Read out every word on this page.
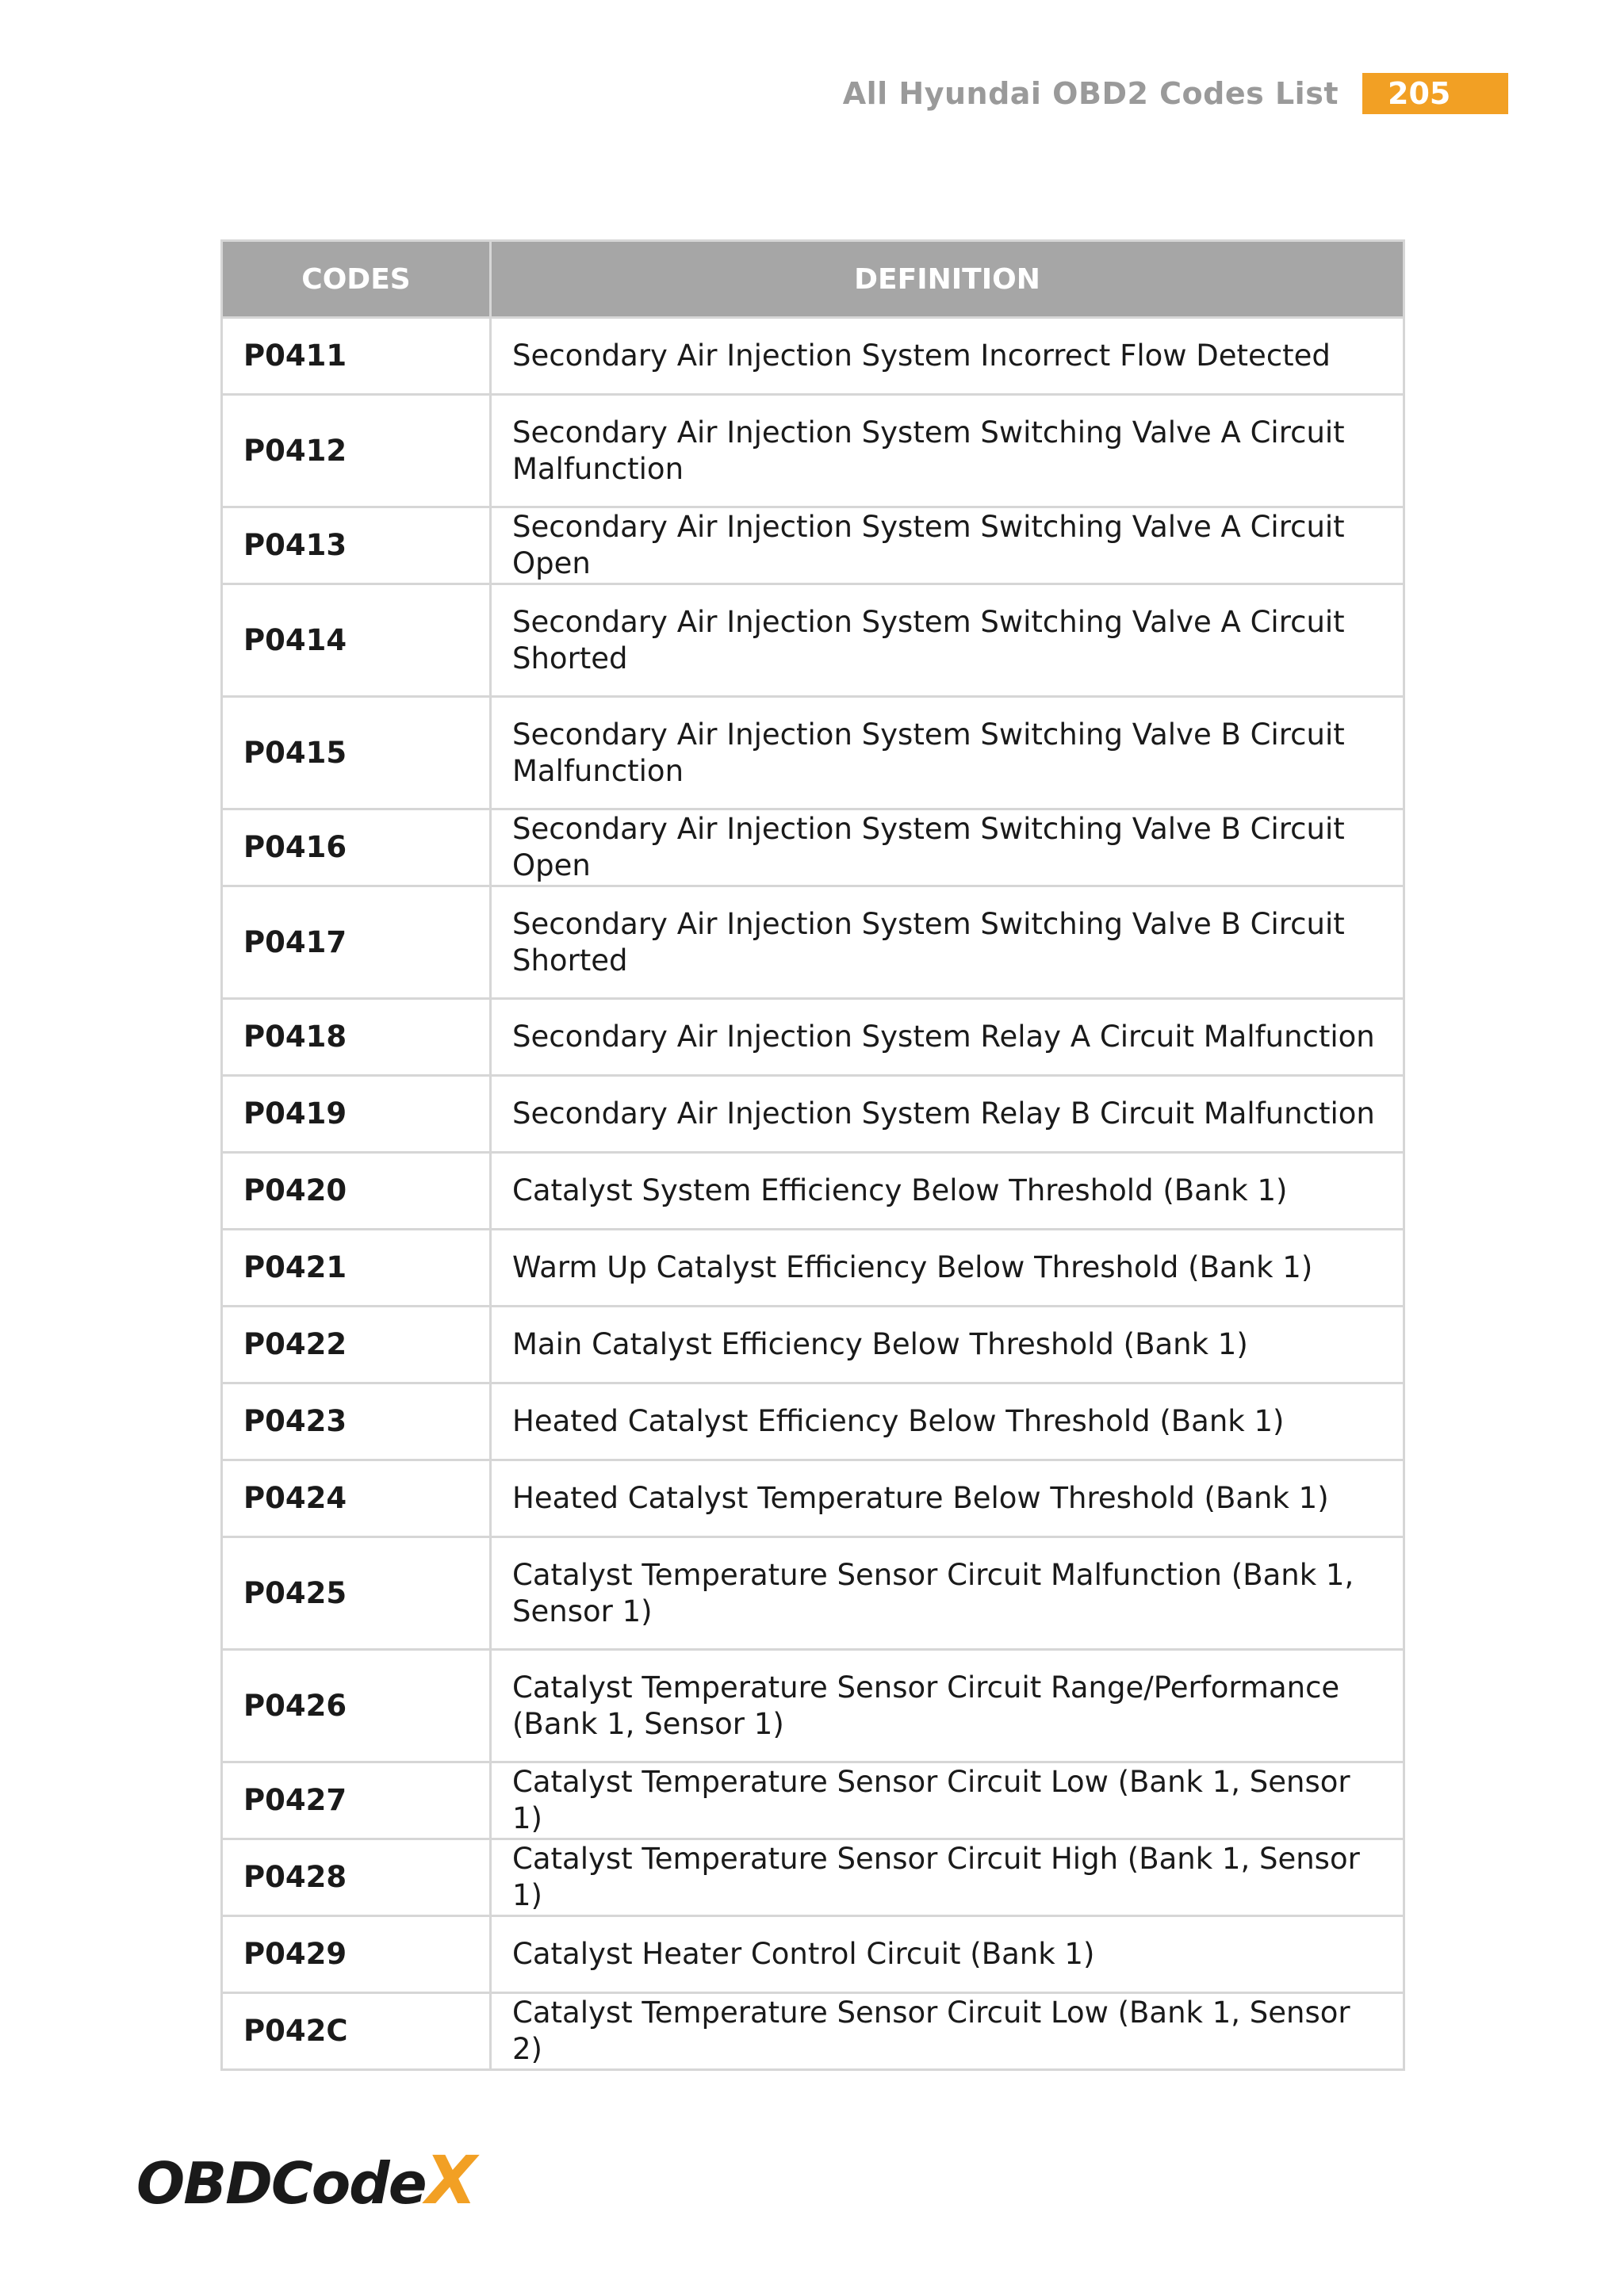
All Hyundai OBD2 Codes List 205
CODES	DEFINITION
P0411	Secondary Air Injection System Incorrect Flow Detected
P0412	Secondary Air Injection System Switching Valve A Circuit Malfunction
P0413	Secondary Air Injection System Switching Valve A Circuit Open
P0414	Secondary Air Injection System Switching Valve A Circuit Shorted
P0415	Secondary Air Injection System Switching Valve B Circuit Malfunction
P0416	Secondary Air Injection System Switching Valve B Circuit Open
P0417	Secondary Air Injection System Switching Valve B Circuit Shorted
P0418	Secondary Air Injection System Relay A Circuit Malfunction
P0419	Secondary Air Injection System Relay B Circuit Malfunction
P0420	Catalyst System Efficiency Below Threshold (Bank 1)
P0421	Warm Up Catalyst Efficiency Below Threshold (Bank 1)
P0422	Main Catalyst Efficiency Below Threshold (Bank 1)
P0423	Heated Catalyst Efficiency Below Threshold (Bank 1)
P0424	Heated Catalyst Temperature Below Threshold (Bank 1)
P0425	Catalyst Temperature Sensor Circuit Malfunction (Bank 1, Sensor 1)
P0426	Catalyst Temperature Sensor Circuit Range/Performance (Bank 1, Sensor 1)
P0427	Catalyst Temperature Sensor Circuit Low (Bank 1, Sensor 1)
P0428	Catalyst Temperature Sensor Circuit High (Bank 1, Sensor 1)
P0429	Catalyst Heater Control Circuit (Bank 1)
P042C	Catalyst Temperature Sensor Circuit Low (Bank 1, Sensor 2)
OBDCodeX
